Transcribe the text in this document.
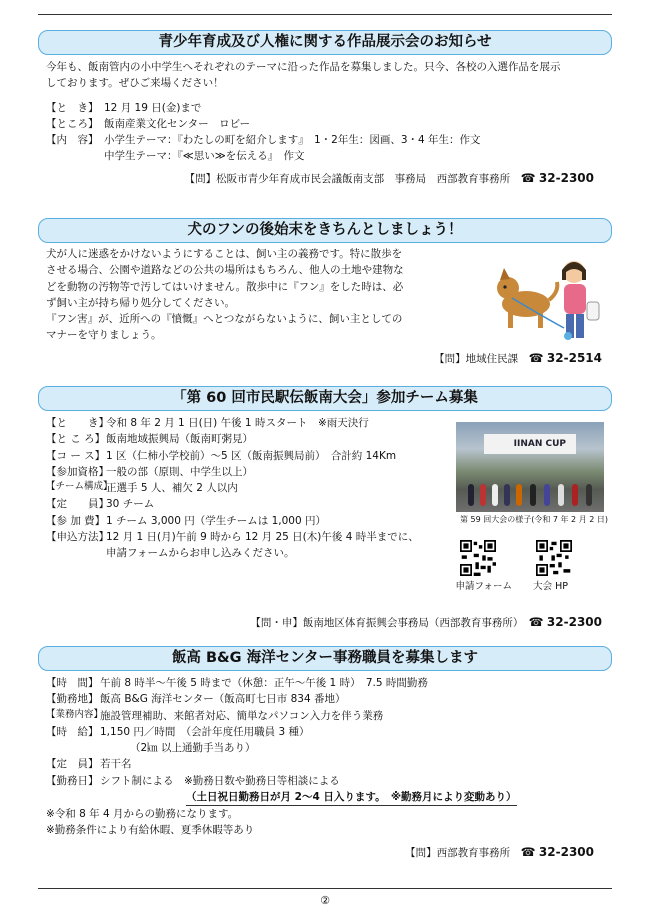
青少年育成及び人権に関する作品展示会のお知らせ
今年も、飯南管内の小中学生へそれぞれのテーマに沿った作品を募集しました。只今、各校の入選作品を展示
しております。ぜひご来場ください！
【と　き】 12 月 19 日(金)まで
【ところ】 飯南産業文化センター　ロビー
【内　容】 小学生テーマ：『わたしの町を紹介します』　1・2年生：図画、3・4 年生：作文
中学生テーマ：『≪思い≫を伝える』　作文
【問】松阪市青少年育成市民会議飯南支部　事務局　西部教育事務所　 ☎ 32-2300
犬のフンの後始末をきちんとしましょう！
犬が人に迷惑をかけないようにすることは、飼い主の義務です。特に散歩を
させる場合、公園や道路などの公共の場所はもちろん、他人の土地や建物な
どを動物の汚物等で汚してはいけません。散歩中に『フン』をした時は、必
ず飼い主が持ち帰り処分してください。
『フン害』が、近所への『憤慨』へとつながらないように、飼い主としての
マナーを守りましょう。
【問】地域住民課　 ☎ 32-2514
「第 60 回市民駅伝飯南大会」参加チーム募集
【と　　き】
令和 8 年 2 月 1 日(日) 午後 1 時スタート　※雨天決行
【と こ ろ】 飯南地域振興局（飯南町粥見）
【コ ー ス】 1 区（仁柿小学校前）～5 区（飯南振興局前）　合計約 14Km
【参加資格】
一般の部（原則、中学生以上）
【チーム構成】
正選手 5 人、補欠 2 人以内
【定　　員】
30 チーム
【参 加 費】 1 チーム 3,000 円（学生チームは 1,000 円）
【申込方法】
12 月 1 日(月)午前 9 時から 12 月 25 日(木)午後 4 時半までに、
申請フォームからお申し込みください。
IINAN CUP
第 59 回大会の様子(令和 7 年 2 月 2 日)
申請フォーム 大会 HP
【問・申】飯南地区体育振興会事務局（西部教育事務所）　 ☎ 32-2300
飯高 B&G 海洋センター事務職員を募集します
【時　間】 午前 8 時半～午後 5 時まで（休憩：正午～午後 1 時）　7.5 時間勤務
【勤務地】 飯高 B&G 海洋センター（飯高町七日市 834 番地）
【業務内容】
施設管理補助、来館者対応、簡単なパソコン入力を伴う業務
【時　給】 1,150 円／時間　（会計年度任用職員 3 種）
（2㎞ 以上通勤手当あり）
【定　員】 若干名
【勤務日】 シフト制による　※勤務日数や勤務日等相談による
（土日祝日勤務日が月 2～4 日入ります。　※勤務月により変動あり）
※令和 8 年 4 月からの勤務になります。
※勤務条件により有給休暇、夏季休暇等あり
【問】西部教育事務所　 ☎ 32-2300
②
